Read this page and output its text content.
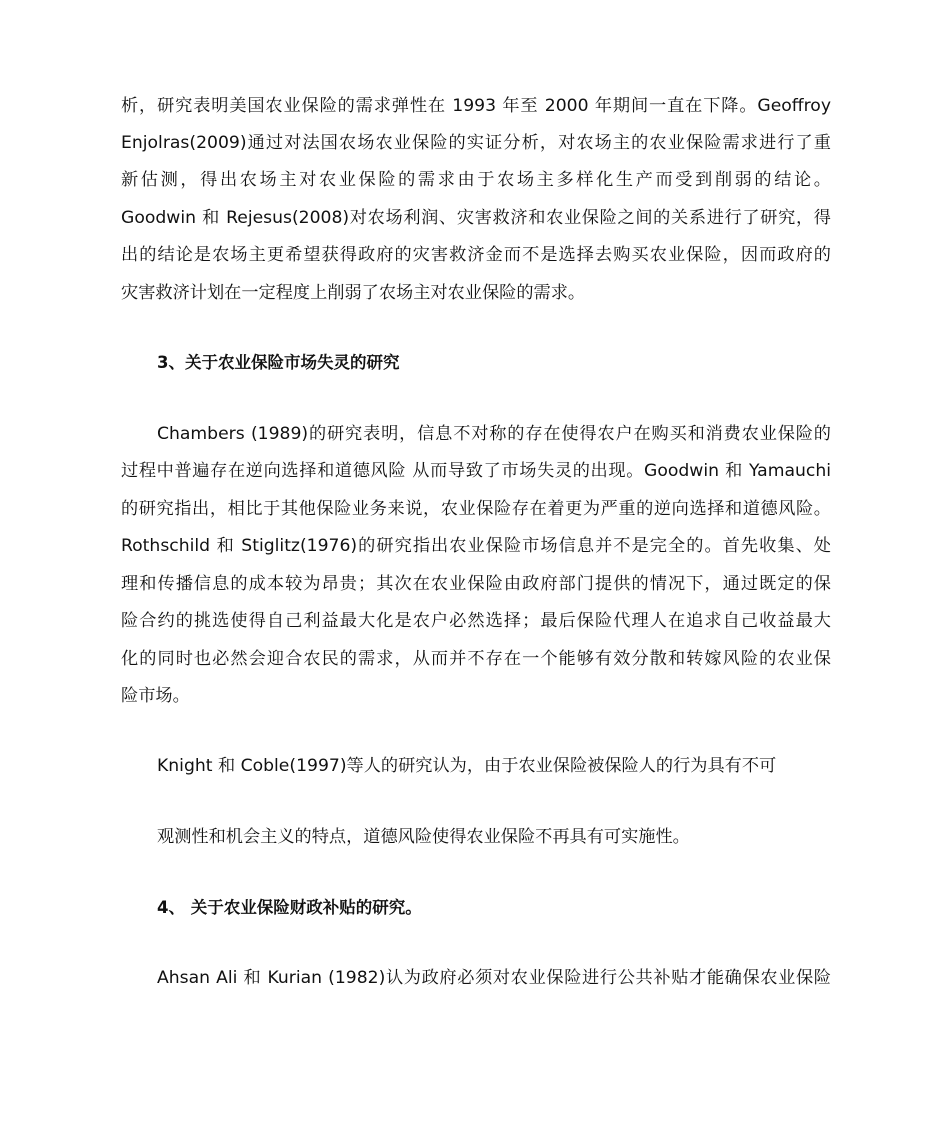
析，研究表明美国农业保险的需求弹性在 1993 年至 2000 年期间一直在下降。Geoffroy
Enjolras(2009)通过对法国农场农业保险的实证分析，对农场主的农业保险需求进行了重
新估测，得出农场主对农业保险的需求由于农场主多样化生产而受到削弱的结论。
Goodwin 和 Rejesus(2008)对农场利润、灾害救济和农业保险之间的关系进行了研究，得
出的结论是农场主更希望获得政府的灾害救济金而不是选择去购买农业保险，因而政府的
灾害救济计划在一定程度上削弱了农场主对农业保险的需求。
3、关于农业保险市场失灵的研究
Chambers (1989)的研究表明，信息不对称的存在使得农户在购买和消费农业保险的
过程中普遍存在逆向选择和道德风险 从而导致了市场失灵的出现。Goodwin 和 Yamauchi
的研究指出，相比于其他保险业务来说，农业保险存在着更为严重的逆向选择和道德风险。
Rothschild 和 Stiglitz(1976)的研究指出农业保险市场信息并不是完全的。首先收集、处
理和传播信息的成本较为昂贵；其次在农业保险由政府部门提供的情况下，通过既定的保
险合约的挑选使得自己利益最大化是农户必然选择；最后保险代理人在追求自己收益最大
化的同时也必然会迎合农民的需求，从而并不存在一个能够有效分散和转嫁风险的农业保
险市场。
Knight 和 Coble(1997)等人的研究认为，由于农业保险被保险人的行为具有不可
观测性和机会主义的特点，道德风险使得农业保险不再具有可实施性。
4、 关于农业保险财政补贴的研究。
Ahsan Ali 和 Kurian (1982)认为政府必须对农业保险进行公共补贴才能确保农业保险
